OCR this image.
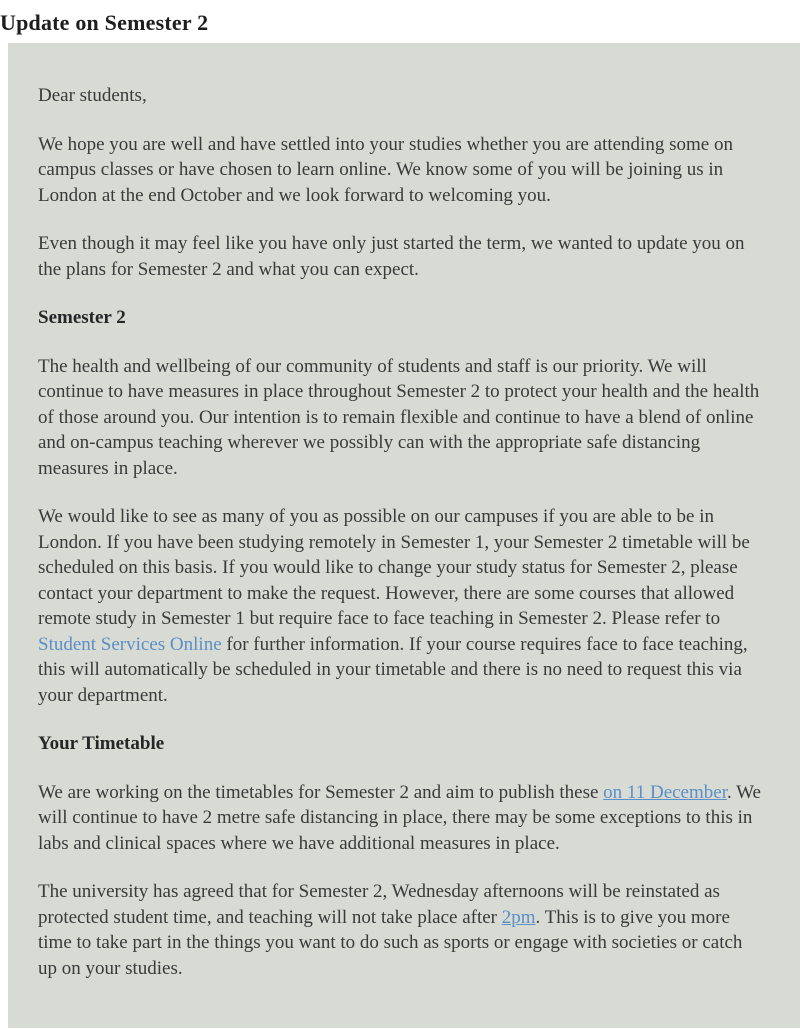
Update on Semester 2

Dear students,

We hope you are well and have settled into your studies whether you are attending some on campus classes or have chosen to learn online. We know some of you will be joining us in London at the end October and we look forward to welcoming you.

Even though it may feel like you have only just started the term, we wanted to update you on the plans for Semester 2 and what you can expect.

Semester 2

The health and wellbeing of our community of students and staff is our priority. We will continue to have measures in place throughout Semester 2 to protect your health and the health of those around you. Our intention is to remain flexible and continue to have a blend of online and on-campus teaching wherever we possibly can with the appropriate safe distancing measures in place.

We would like to see as many of you as possible on our campuses if you are able to be in London. If you have been studying remotely in Semester 1, your Semester 2 timetable will be scheduled on this basis. If you would like to change your study status for Semester 2, please contact your department to make the request. However, there are some courses that allowed remote study in Semester 1 but require face to face teaching in Semester 2. Please refer to Student Services Online for further information. If your course requires face to face teaching, this will automatically be scheduled in your timetable and there is no need to request this via your department.

Your Timetable

We are working on the timetables for Semester 2 and aim to publish these on 11 December. We will continue to have 2 metre safe distancing in place, there may be some exceptions to this in labs and clinical spaces where we have additional measures in place.

The university has agreed that for Semester 2, Wednesday afternoons will be reinstated as protected student time, and teaching will not take place after 2pm. This is to give you more time to take part in the things you want to do such as sports or engage with societies or catch up on your studies.
